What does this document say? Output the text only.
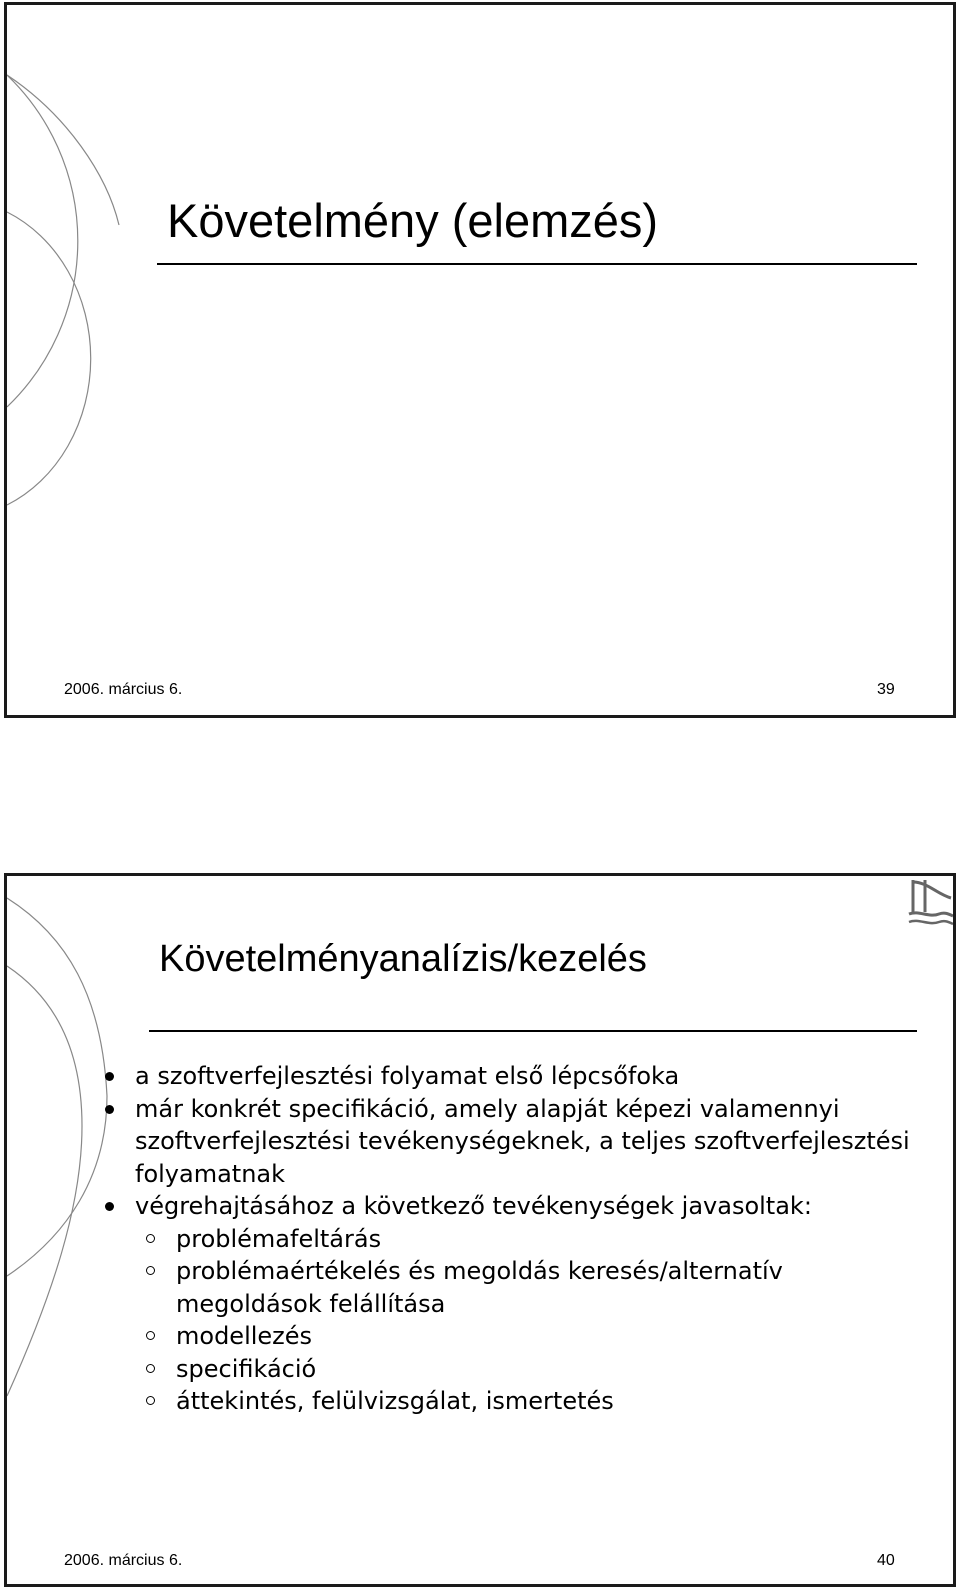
Követelmény (elemzés)
2006. március 6.	39
Követelményanalízis/kezelés
a szoftverfejlesztési folyamat első lépcsőfoka
már konkrét specifikáció, amely alapját képezi valamennyi  szoftverfejlesztési tevékenységeknek, a teljes szoftverfejlesztési folyamatnak
végrehajtásához a következő tevékenységek javasoltak:
problémafeltárás
problémaértékelés és megoldás keresés/alternatív megoldások felállítása
modellezés
specifikáció
áttekintés, felülvizsgálat, ismertetés
2006. március 6.	40
